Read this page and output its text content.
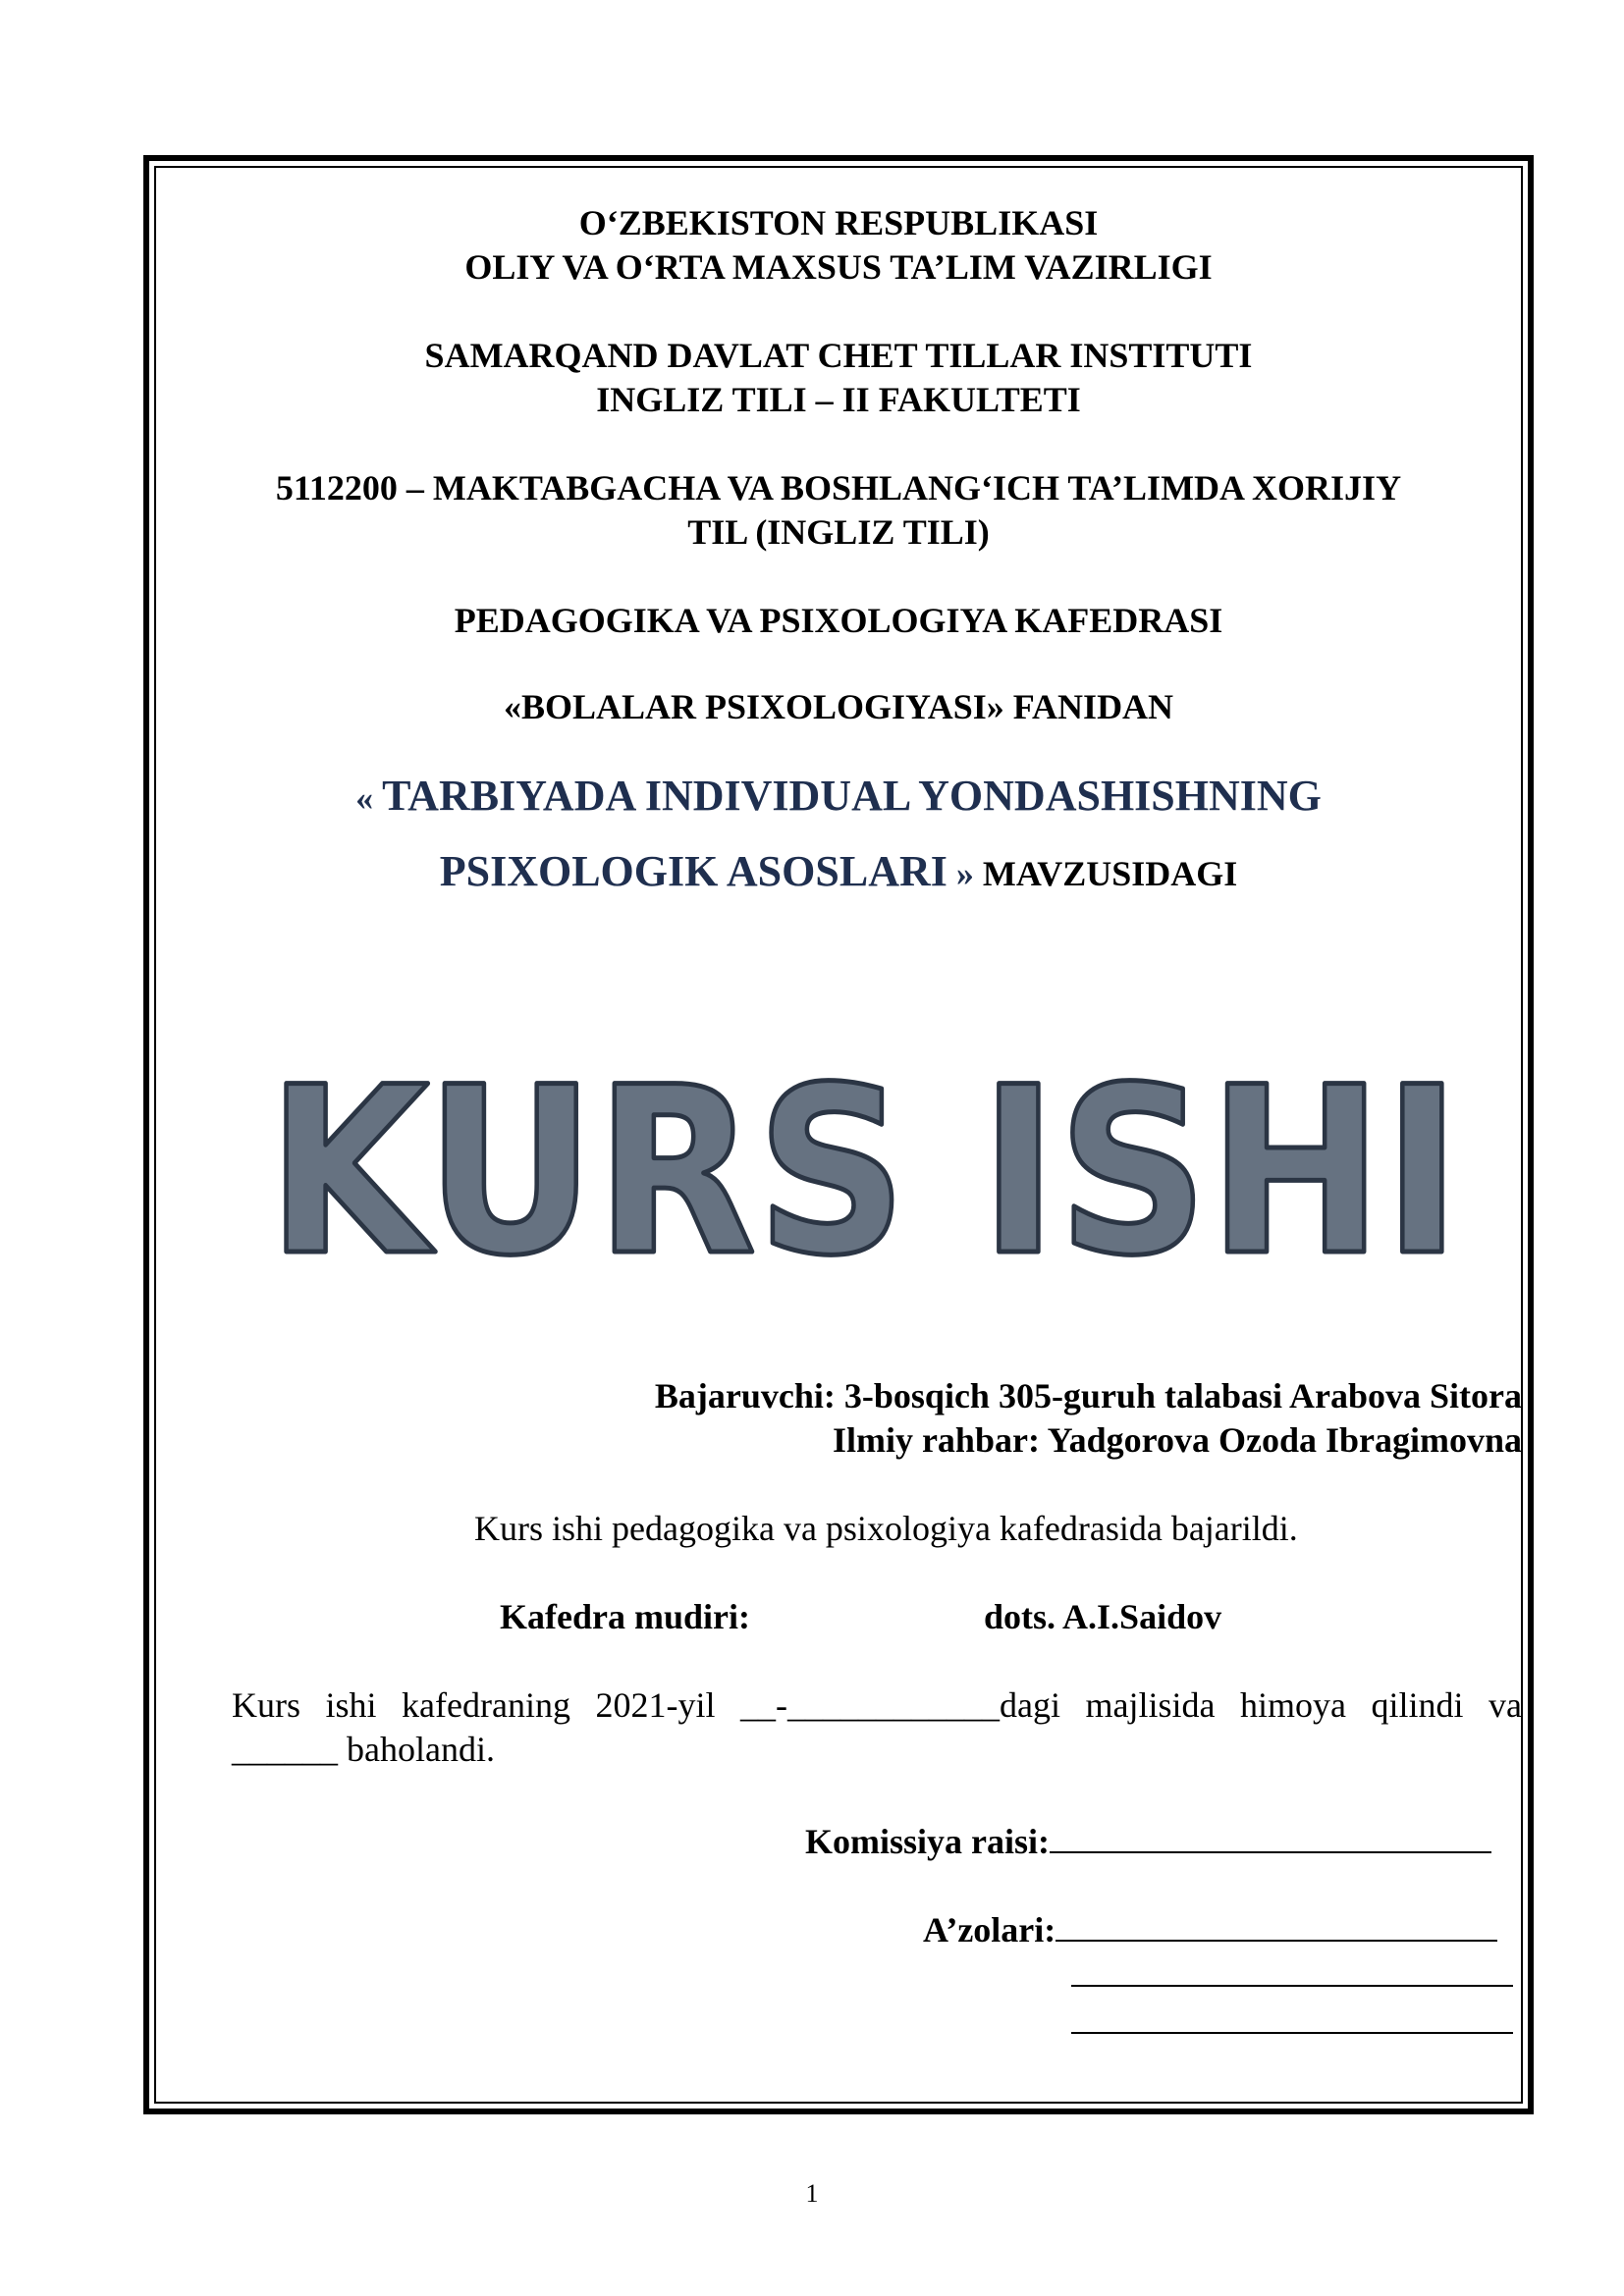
O‘ZBEKISTON RESPUBLIKASI
OLIY VA O‘RTA MAXSUS TA’LIM VAZIRLIGI
SAMARQAND DAVLAT CHET TILLAR INSTITUTI
INGLIZ TILI – II FAKULTETI
5112200 – MAKTABGACHA VA BOSHLANG‘ICH TA’LIMDA XORIJIY
TIL (INGLIZ TILI)
PEDAGOGIKA VA PSIXOLOGIYA KAFEDRASI
«BOLALAR PSIXOLOGIYASI» FANIDAN
« TARBIYADA INDIVIDUAL YONDASHISHNING
PSIXOLOGIK ASOSLARI » MAVZUSIDAGI
KURS ISHI
Bajaruvchi: 3-bosqich 305-guruh talabasi Arabova Sitora
Ilmiy rahbar: Yadgorova Ozoda Ibragimovna
Kurs ishi pedagogika va psixologiya kafedrasida bajarildi.
Kafedra mudiri:	dots. A.I.Saidov
Kurs ishi kafedraning 2021-yil __-____________dagi majlisida himoya qilindi va
______ baholandi.
Komissiya raisi:
A’zolari:
1
